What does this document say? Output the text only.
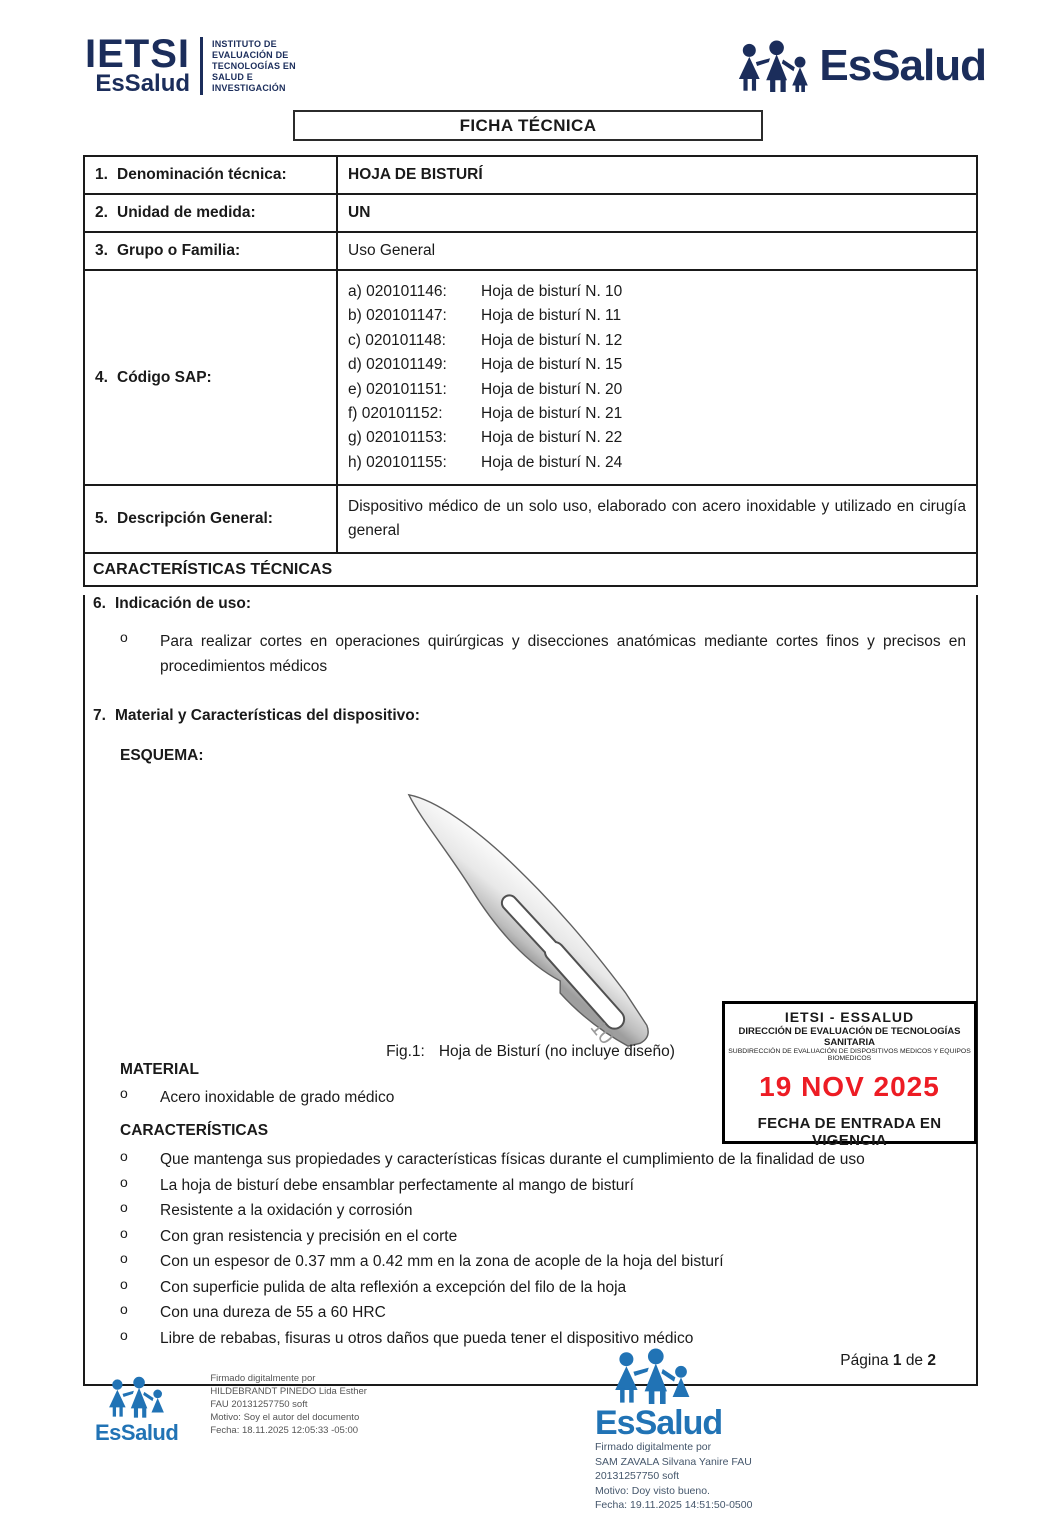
IETSI
EsSalud
INSTITUTO DE
EVALUACIÓN DE
TECNOLOGÍAS EN
SALUD E
INVESTIGACIÓN	EsSalud
FICHA TÉCNICA
1. Denominación técnica:	HOJA DE BISTURÍ
2. Unidad de medida:	UN
3. Grupo o Familia:	Uso General
4. Código SAP:	
a) 020101146:	Hoja de bisturí N. 10
b) 020101147:	Hoja de bisturí N. 11
c) 020101148:	Hoja de bisturí N. 12
d) 020101149:	Hoja de bisturí N. 15
e) 020101151:	Hoja de bisturí N. 20
f) 020101152:	Hoja de bisturí N. 21
g) 020101153:	Hoja de bisturí N. 22
h) 020101155:	Hoja de bisturí N. 24

5. Descripción General:	Dispositivo médico de un solo uso, elaborado con acero inoxidable y utilizado en cirugía general
CARACTERÍSTICAS TÉCNICAS
6. Indicación de uso:
o	Para realizar cortes en operaciones quirúrgicas y disecciones anatómicas mediante cortes finos y precisos en procedimientos médicos
7. Material y Características del dispositivo:
ESQUEMA:
10
Fig.1: Hoja de Bisturí (no incluye diseño)
IETSI - ESSALUD
DIRECCIÓN DE EVALUACIÓN DE TECNOLOGÍAS SANITARIA
SUBDIRECCIÓN DE EVALUACIÓN DE DISPOSITIVOS MEDICOS Y EQUIPOS BIOMEDICOS
19 NOV 2025
FECHA DE ENTRADA EN VIGENCIA
MATERIAL
o	Acero inoxidable de grado médico
CARACTERÍSTICAS
o	Que mantenga sus propiedades y características físicas durante el cumplimiento de la finalidad de uso
o	La hoja de bisturí debe ensamblar perfectamente al mango de bisturí
o	Resistente a la oxidación y corrosión
o	Con gran resistencia y precisión en el corte
o	Con un espesor de 0.37 mm a 0.42 mm en la zona de acople de la hoja del bisturí
o	Con superficie pulida de alta reflexión a excepción del filo de la hoja
o	Con una dureza de 55 a 60 HRC
o	Libre de rebabas, fisuras u otros daños que pueda tener el dispositivo médico
Página 1 de 2
EsSalud
Firmado digitalmente por
HILDEBRANDT PINEDO Lida Esther
FAU 20131257750 soft
Motivo: Soy el autor del documento
Fecha: 18.11.2025 12:05:33 -05:00	EsSalud
Firmado digitalmente por
SAM ZAVALA Silvana Yanire FAU
20131257750 soft
Motivo: Doy visto bueno.
Fecha: 19.11.2025 14:51:50-0500
